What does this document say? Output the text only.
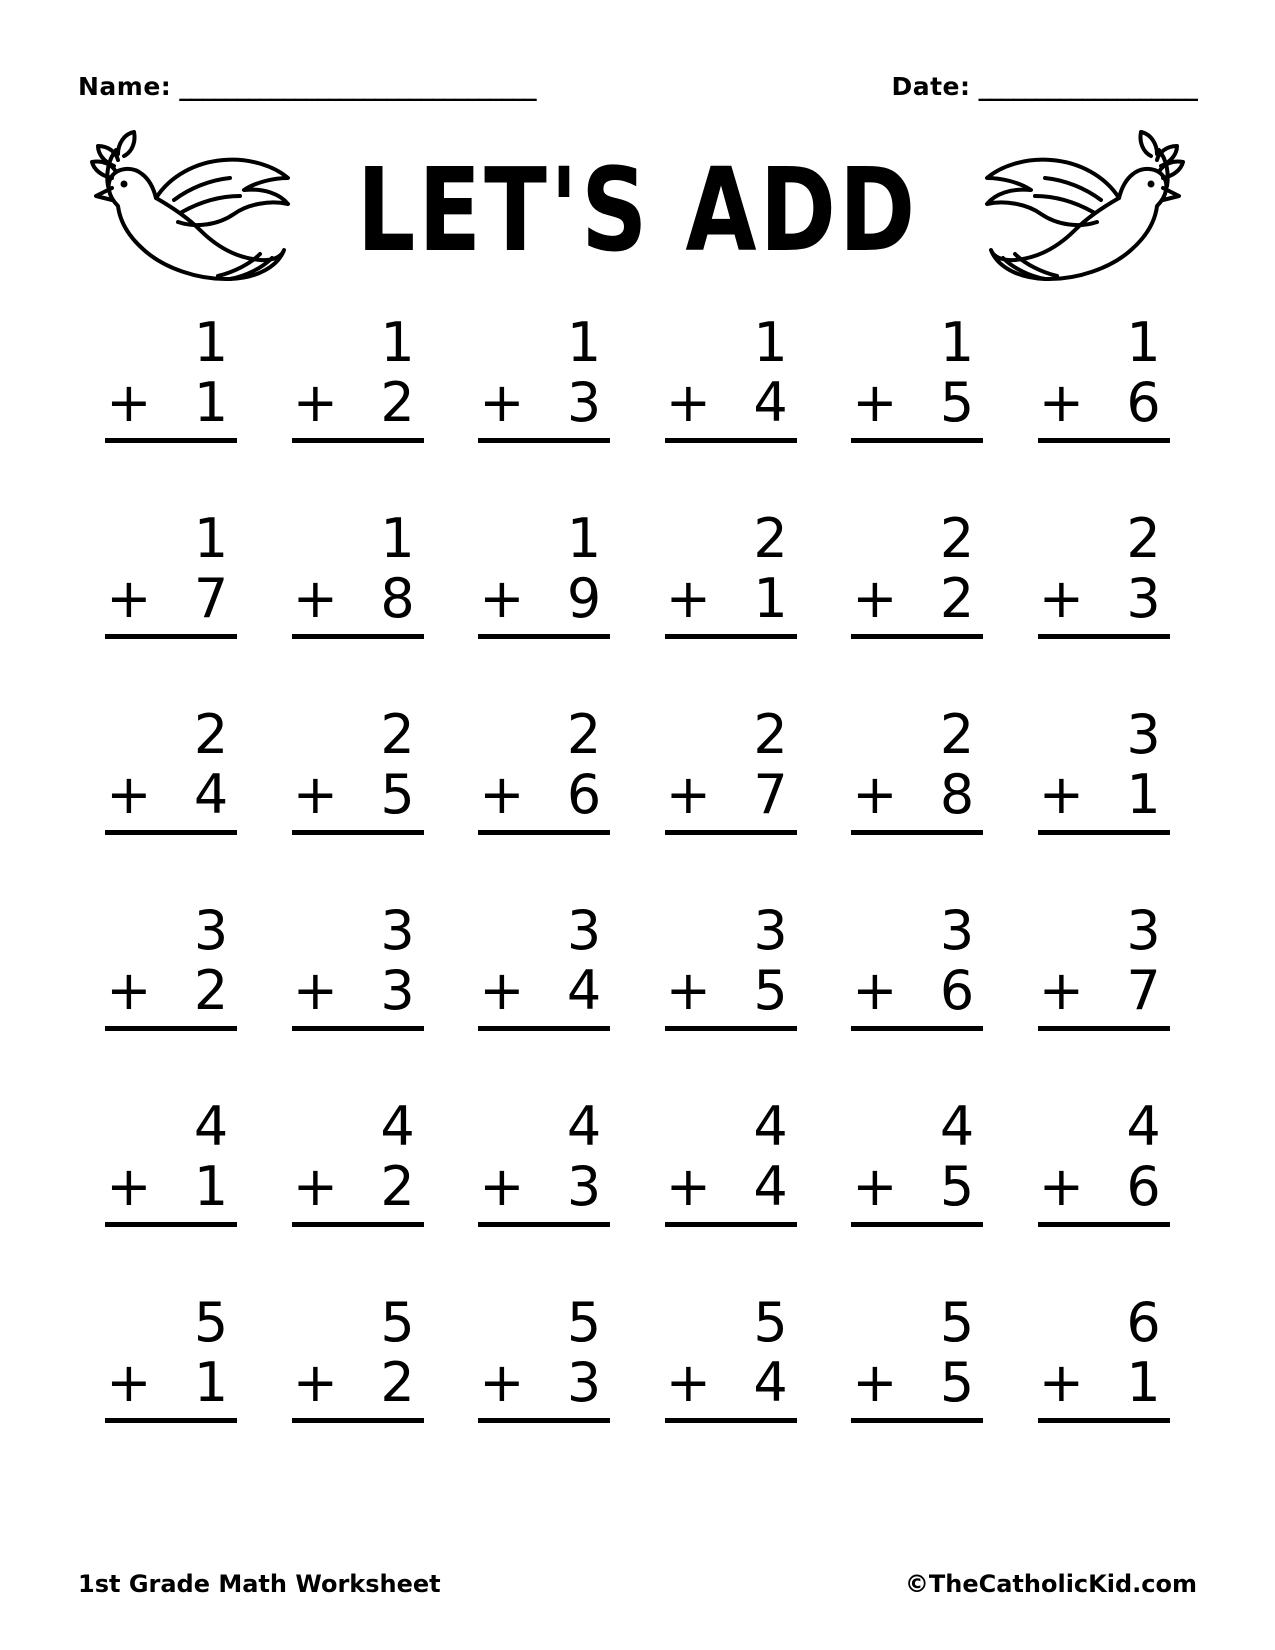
Name: _______________________________	Date: ___________________
LET'S ADD
1
+ 1
1
+ 2
1
+ 3
1
+ 4
1
+ 5
1
+ 6
1
+ 7
1
+ 8
1
+ 9
2
+ 1
2
+ 2
2
+ 3
2
+ 4
2
+ 5
2
+ 6
2
+ 7
2
+ 8
3
+ 1
3
+ 2
3
+ 3
3
+ 4
3
+ 5
3
+ 6
3
+ 7
4
+ 1
4
+ 2
4
+ 3
4
+ 4
4
+ 5
4
+ 6
5
+ 1
5
+ 2
5
+ 3
5
+ 4
5
+ 5
6
+ 1
1st Grade Math Worksheet	©TheCatholicKid.com
